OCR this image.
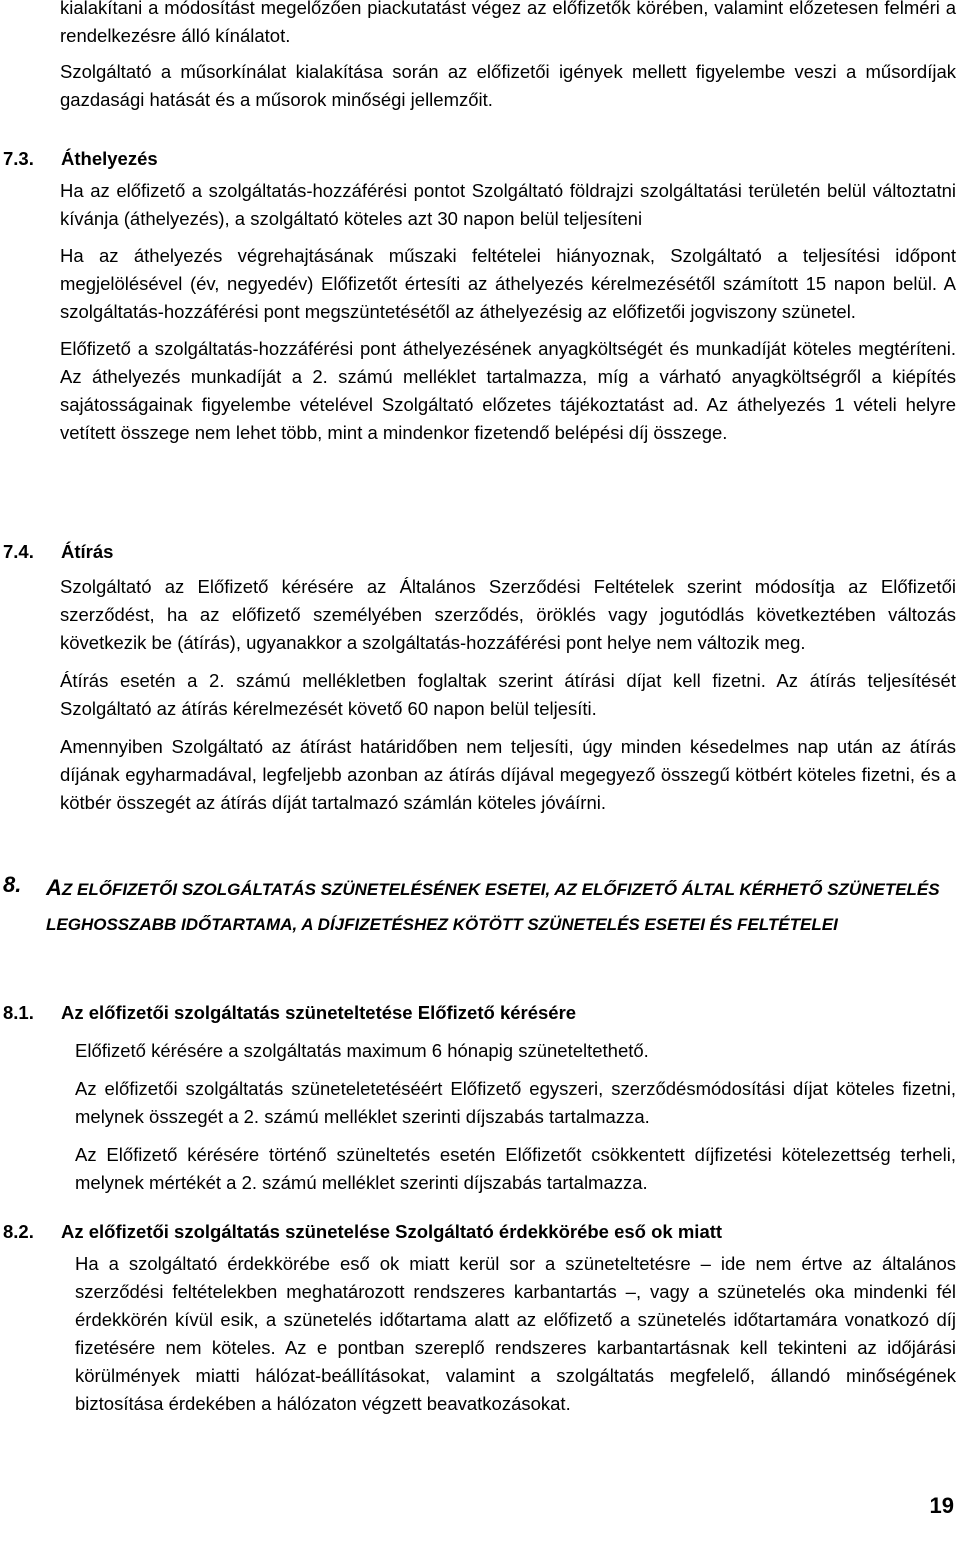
kialakítani a módosítást megelőzően piackutatást végez az előfizetők körében, valamint előzetesen felméri a rendelkezésre álló kínálatot.

Szolgáltató a műsorkínálat kialakítása során az előfizetői igények mellett figyelembe veszi a műsordíjak gazdasági hatását és a műsorok minőségi jellemzőit.

7.3. Áthelyezés

Ha az előfizető a szolgáltatás-hozzáférési pontot Szolgáltató földrajzi szolgáltatási területén belül változtatni kívánja (áthelyezés), a szolgáltató köteles azt 30 napon belül teljesíteni

Ha az áthelyezés végrehajtásának műszaki feltételei hiányoznak, Szolgáltató a teljesítési időpont megjelölésével (év, negyedév) Előfizetőt értesíti az áthelyezés kérelmezésétől számított 15 napon belül. A szolgáltatás-hozzáférési pont megszüntetésétől az áthelyezésig az előfizetői jogviszony szünetel.

Előfizető a szolgáltatás-hozzáférési pont áthelyezésének anyagköltségét és munkadíját köteles megtéríteni. Az áthelyezés munkadíját a 2. számú melléklet tartalmazza, míg a várható anyagköltségről a kiépítés sajátosságainak figyelembe vételével Szolgáltató előzetes tájékoztatást ad. Az áthelyezés 1 vételi helyre vetített összege nem lehet több, mint a mindenkor fizetendő belépési díj összege.

7.4. Átírás

Szolgáltató az Előfizető kérésére az Általános Szerződési Feltételek szerint módosítja az Előfizetői szerződést, ha az előfizető személyében szerződés, öröklés vagy jogutódlás következtében változás következik be (átírás), ugyanakkor a szolgáltatás-hozzáférési pont helye nem változik meg.

Átírás esetén a 2. számú mellékletben foglaltak szerint átírási díjat kell fizetni. Az átírás teljesítését Szolgáltató az átírás kérelmezését követő 60 napon belül teljesíti.

Amennyiben Szolgáltató az átírást határidőben nem teljesíti, úgy minden késedelmes nap után az átírás díjának egyharmadával, legfeljebb azonban az átírás díjával megegyező összegű kötbért köteles fizetni, és a kötbér összegét az átírás díját tartalmazó számlán köteles jóváírni.

8. AZ ELŐFIZETŐI SZOLGÁLTATÁS SZÜNETELÉSÉNEK ESETEI, AZ ELŐFIZETŐ ÁLTAL KÉRHETŐ SZÜNETELÉS LEGHOSSZABB IDŐTARTAMA, A DÍJFIZETÉSHEZ KÖTÖTT SZÜNETELÉS ESETEI ÉS FELTÉTELEI
8.1. Az előfizetői szolgáltatás szüneteltetése Előfizető kérésére

Előfizető kérésére a szolgáltatás maximum 6 hónapig szüneteltethető.

Az előfizetői szolgáltatás szüneteletetéséért Előfizető egyszeri, szerződésmódosítási díjat köteles fizetni, melynek összegét a 2. számú melléklet szerinti díjszabás tartalmazza.

Az Előfizető kérésére történő szüneltetés esetén Előfizetőt csökkentett díjfizetési kötelezettség terheli, melynek mértékét a 2. számú melléklet szerinti díjszabás tartalmazza.

8.2. Az előfizetői szolgáltatás szünetelése Szolgáltató érdekkörébe eső ok miatt

Ha a szolgáltató érdekkörébe eső ok miatt kerül sor a szüneteltetésre – ide nem értve az általános szerződési feltételekben meghatározott rendszeres karbantartás –, vagy a szünetelés oka mindenki fél érdekkörén kívül esik, a szünetelés időtartama alatt az előfizető a szünetelés időtartamára vonatkozó díj fizetésére nem köteles. Az e pontban szereplő rendszeres karbantartásnak kell tekinteni az időjárási körülmények miatti hálózat-beállításokat, valamint a szolgáltatás megfelelő, állandó minőségének biztosítása érdekében a hálózaton végzett beavatkozásokat.

19
